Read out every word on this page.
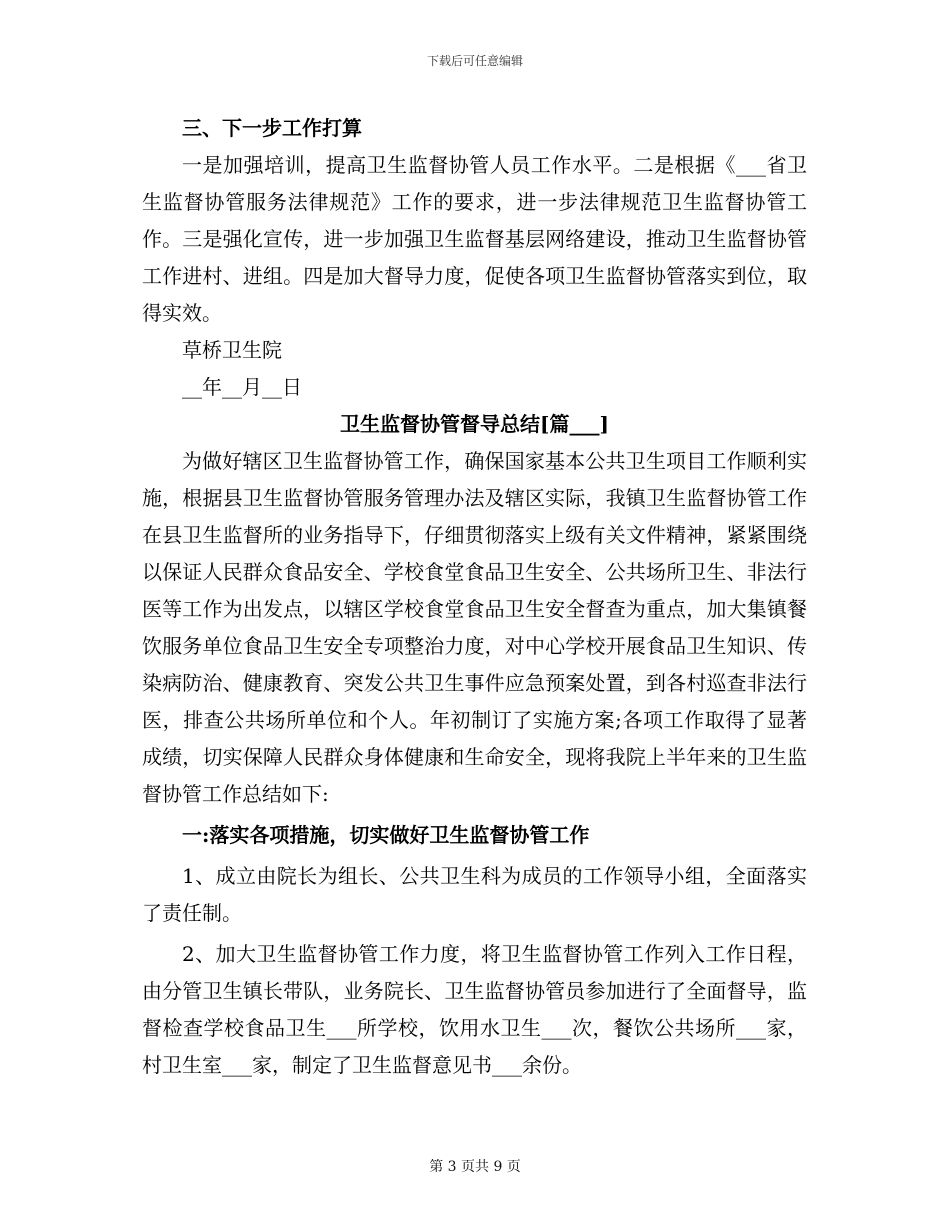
下载后可任意编辑

三、下一步工作打算

一是加强培训，提高卫生监督协管人员工作水平。二是根据《___省卫生监督协管服务法律规范》工作的要求，进一步法律规范卫生监督协管工作。三是强化宣传，进一步加强卫生监督基层网络建设，推动卫生监督协管工作进村、进组。四是加大督导力度，促使各项卫生监督协管落实到位，取得实效。

草桥卫生院

__年__月__日

卫生监督协管督导总结[篇___]

为做好辖区卫生监督协管工作，确保国家基本公共卫生项目工作顺利实施，根据县卫生监督协管服务管理办法及辖区实际，我镇卫生监督协管工作在县卫生监督所的业务指导下，仔细贯彻落实上级有关文件精神，紧紧围绕以保证人民群众食品安全、学校食堂食品卫生安全、公共场所卫生、非法行医等工作为出发点，以辖区学校食堂食品卫生安全督查为重点，加大集镇餐饮服务单位食品卫生安全专项整治力度，对中心学校开展食品卫生知识、传染病防治、健康教育、突发公共卫生事件应急预案处置，到各村巡查非法行医，排查公共场所单位和个人。年初制订了实施方案;各项工作取得了显著成绩，切实保障人民群众身体健康和生命安全，现将我院上半年来的卫生监督协管工作总结如下:

一:落实各项措施，切实做好卫生监督协管工作

1、成立由院长为组长、公共卫生科为成员的工作领导小组，全面落实了责任制。

2、加大卫生监督协管工作力度，将卫生监督协管工作列入工作日程，由分管卫生镇长带队，业务院长、卫生监督协管员参加进行了全面督导，监督检查学校食品卫生___所学校，饮用水卫生___次，餐饮公共场所___家，村卫生室___家，制定了卫生监督意见书___余份。

第 3 页共 9 页
